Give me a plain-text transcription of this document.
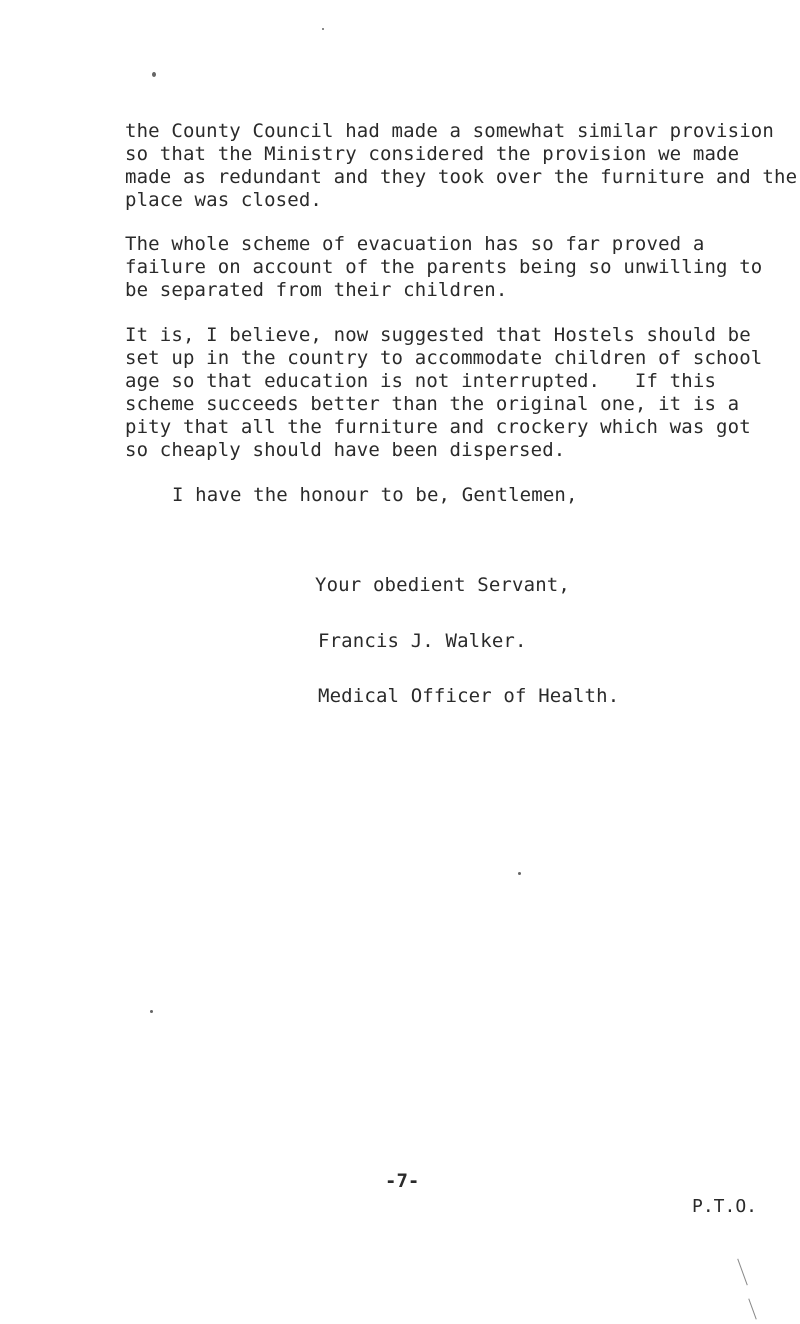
the County Council had made a somewhat similar provision
so that the Ministry considered the provision we made
made as redundant and they took over the furniture and the
place was closed.
The whole scheme of evacuation has so far proved a
failure on account of the parents being so unwilling to
be separated from their children.
It is, I believe, now suggested that Hostels should be
set up in the country to accommodate children of school
age so that education is not interrupted.   If this
scheme succeeds better than the original one, it is a
pity that all the furniture and crockery which was got
so cheaply should have been dispersed.
I have the honour to be, Gentlemen,
Your obedient Servant,
Francis J. Walker.
Medical Officer of Health.
-7-
P.T.O.
